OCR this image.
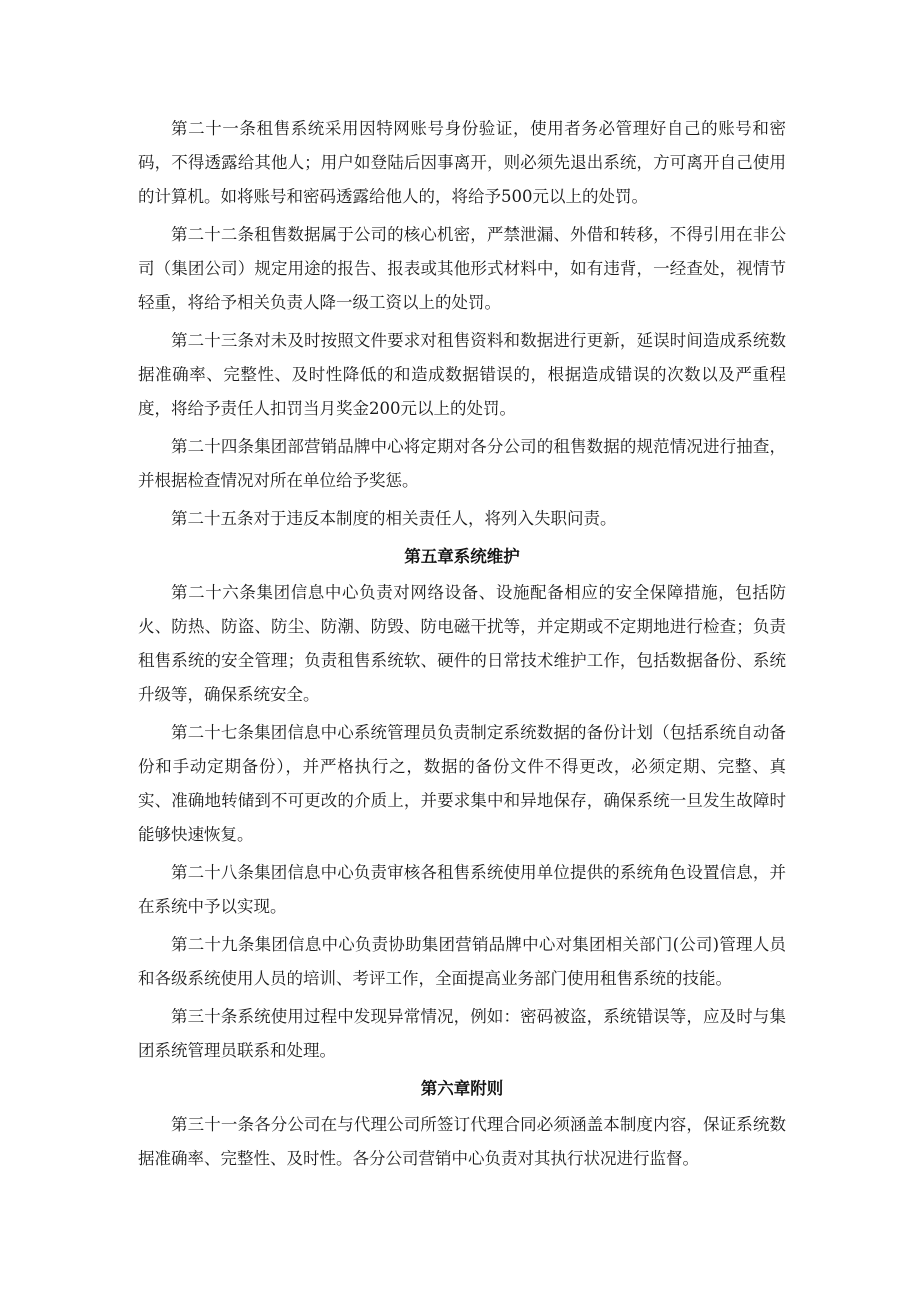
第二十一条租售系统采用因特网账号身份验证，使用者务必管理好自己的账号和密码，不得透露给其他人；用户如登陆后因事离开，则必须先退出系统，方可离开自己使用的计算机。如将账号和密码透露给他人的，将给予500元以上的处罚。

第二十二条租售数据属于公司的核心机密，严禁泄漏、外借和转移，不得引用在非公司（集团公司）规定用途的报告、报表或其他形式材料中，如有违背，一经查处，视情节轻重，将给予相关负责人降一级工资以上的处罚。

第二十三条对未及时按照文件要求对租售资料和数据进行更新，延误时间造成系统数据准确率、完整性、及时性降低的和造成数据错误的，根据造成错误的次数以及严重程度，将给予责任人扣罚当月奖金200元以上的处罚。

第二十四条集团部营销品牌中心将定期对各分公司的租售数据的规范情况进行抽查，并根据检查情况对所在单位给予奖惩。

第二十五条对于违反本制度的相关责任人，将列入失职问责。

第五章系统维护

第二十六条集团信息中心负责对网络设备、设施配备相应的安全保障措施，包括防火、防热、防盗、防尘、防潮、防毁、防电磁干扰等，并定期或不定期地进行检查；负责租售系统的安全管理；负责租售系统软、硬件的日常技术维护工作，包括数据备份、系统升级等，确保系统安全。

第二十七条集团信息中心系统管理员负责制定系统数据的备份计划（包括系统自动备份和手动定期备份），并严格执行之，数据的备份文件不得更改，必须定期、完整、真实、准确地转储到不可更改的介质上，并要求集中和异地保存，确保系统一旦发生故障时能够快速恢复。

第二十八条集团信息中心负责审核各租售系统使用单位提供的系统角色设置信息，并在系统中予以实现。

第二十九条集团信息中心负责协助集团营销品牌中心对集团相关部门(公司)管理人员和各级系统使用人员的培训、考评工作，全面提高业务部门使用租售系统的技能。

第三十条系统使用过程中发现异常情况，例如：密码被盗，系统错误等，应及时与集团系统管理员联系和处理。

第六章附则

第三十一条各分公司在与代理公司所签订代理合同必须涵盖本制度内容，保证系统数据准确率、完整性、及时性。各分公司营销中心负责对其执行状况进行监督。
